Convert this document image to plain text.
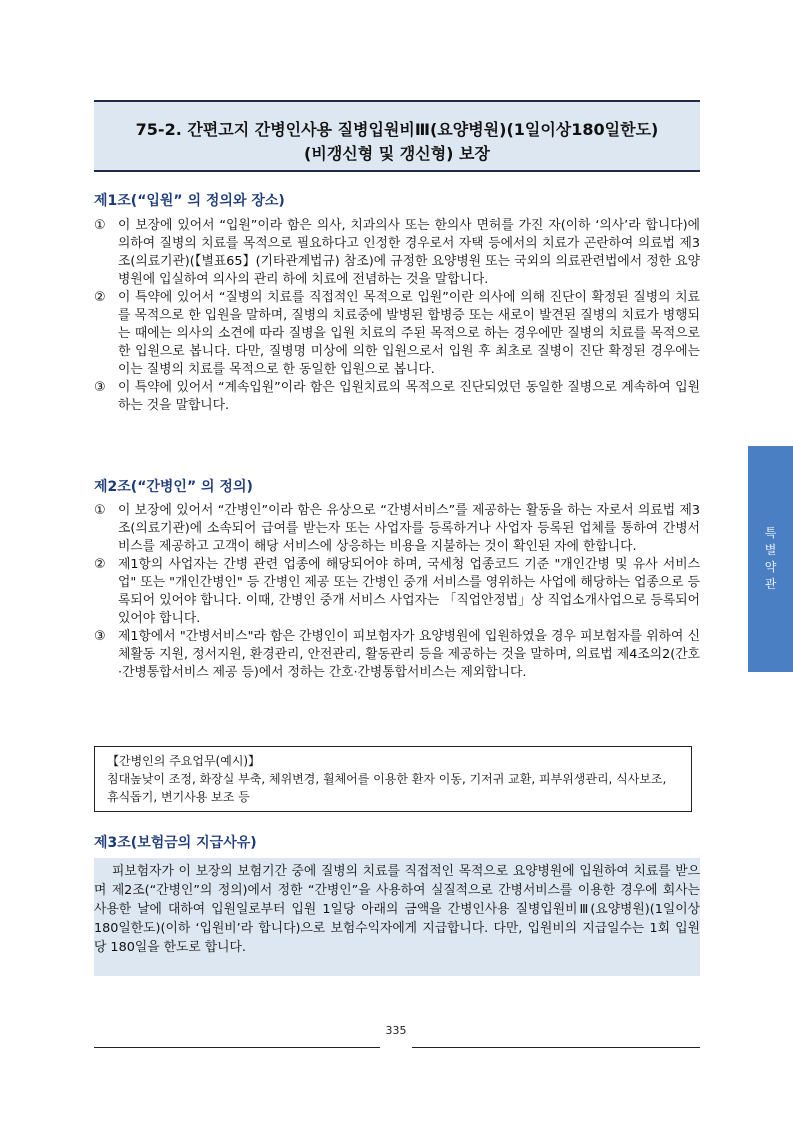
75-2. 간편고지 간병인사용 질병입원비Ⅲ(요양병원)(1일이상180일한도)
(비갱신형 및 갱신형) 보장
제1조(“입원” 의 정의와 장소)
① 이 보장에 있어서 “입원”이라 함은 의사, 치과의사 또는 한의사 면허를 가진 자(이하 ‘의사’라 합니다)에 의하여 질병의 치료를 목적으로 필요하다고 인정한 경우로서 자택 등에서의 치료가 곤란하여 의료법 제3조(의료기관)(【별표65】(기타관계법규) 참조)에 규정한 요양병원 또는 국외의 의료관련법에서 정한 요양병원에 입실하여 의사의 관리 하에 치료에 전념하는 것을 말합니다.
② 이 특약에 있어서 “질병의 치료를 직접적인 목적으로 입원”이란 의사에 의해 진단이 확정된 질병의 치료를 목적으로 한 입원을 말하며, 질병의 치료중에 발병된 합병증 또는 새로이 발견된 질병의 치료가 병행되는 때에는 의사의 소견에 따라 질병을 입원 치료의 주된 목적으로 하는 경우에만 질병의 치료를 목적으로 한 입원으로 봅니다. 다만, 질병명 미상에 의한 입원으로서 입원 후 최초로 질병이 진단 확정된 경우에는 이는 질병의 치료를 목적으로 한 동일한 입원으로 봅니다.
③ 이 특약에 있어서 “계속입원”이라 함은 입원치료의 목적으로 진단되었던 동일한 질병으로 계속하여 입원하는 것을 말합니다.
제2조(“간병인” 의 정의)
① 이 보장에 있어서 “간병인”이라 함은 유상으로 “간병서비스”를 제공하는 활동을 하는 자로서 의료법 제3조(의료기관)에 소속되어 급여를 받는자 또는 사업자를 등록하거나 사업자 등록된 업체를 통하여 간병서비스를 제공하고 고객이 해당 서비스에 상응하는 비용을 지불하는 것이 확인된 자에 한합니다.
② 제1항의 사업자는 간병 관련 업종에 해당되어야 하며, 국세청 업종코드 기준 "개인간병 및 유사 서비스업" 또는 "개인간병인" 등 간병인 제공 또는 간병인 중개 서비스를 영위하는 사업에 해당하는 업종으로 등록되어 있어야 합니다. 이때, 간병인 중개 서비스 사업자는 「직업안정법」상 직업소개사업으로 등록되어 있어야 합니다.
③ 제1항에서 "간병서비스"라 함은 간병인이 피보험자가 요양병원에 입원하였을 경우 피보험자를 위하여 신체활동 지원, 정서지원, 환경관리, 안전관리, 활동관리 등을 제공하는 것을 말하며, 의료법 제4조의2(간호·간병통합서비스 제공 등)에서 정하는 간호·간병통합서비스는 제외합니다.
【간병인의 주요업무(예시)】
침대높낮이 조정, 화장실 부축, 체위변경, 휠체어를 이용한 환자 이동, 기저귀 교환, 피부위생관리, 식사보조, 휴식돕기, 변기사용 보조 등
제3조(보험금의 지급사유)
피보험자가 이 보장의 보험기간 중에 질병의 치료를 직접적인 목적으로 요양병원에 입원하여 치료를 받으며 제2조(“간병인”의 정의)에서 정한 “간병인”을 사용하여 실질적으로 간병서비스를 이용한 경우에 회사는 사용한 날에 대하여 입원일로부터 입원 1일당 아래의 금액을 간병인사용 질병입원비Ⅲ(요양병원)(1일이상180일한도)(이하 ‘입원비’라 합니다)으로 보험수익자에게 지급합니다. 다만, 입원비의 지급일수는 1회 입원당 180일을 한도로 합니다.
특별약관
335
